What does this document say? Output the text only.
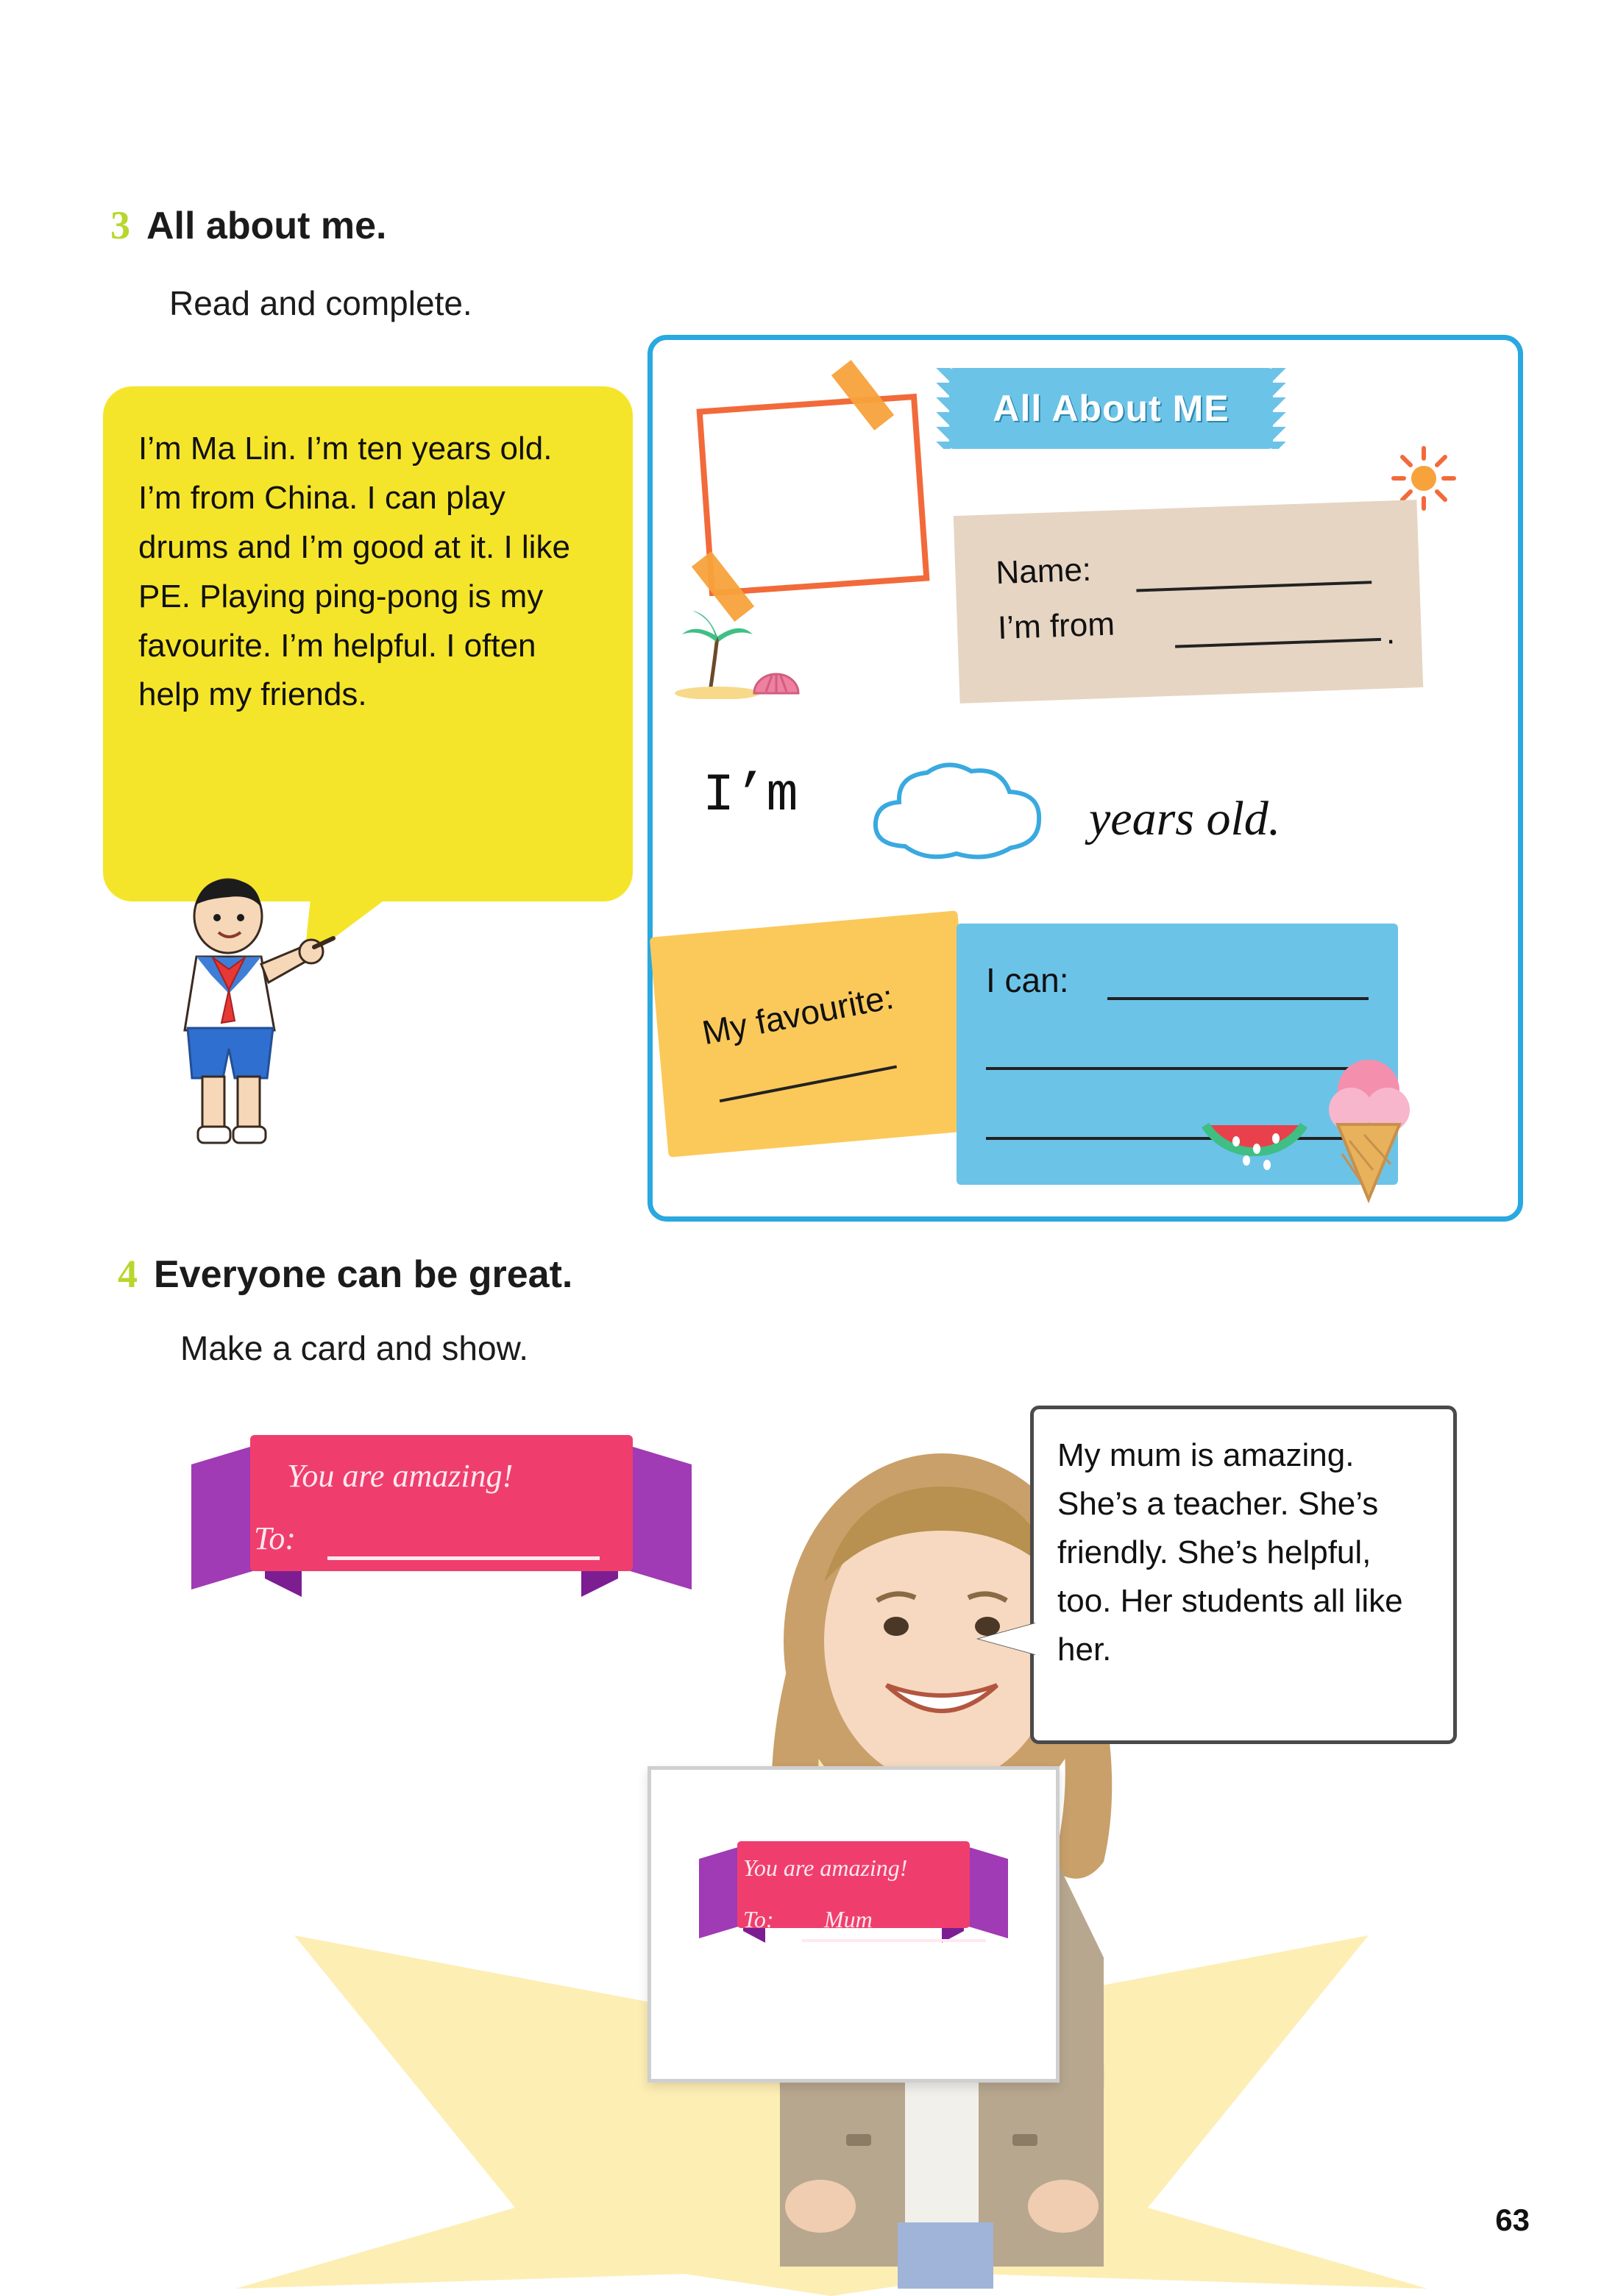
3 All about me.
Read and complete.
I’m Ma Lin. I’m ten years old. I’m from China. I can play drums and I’m good at it. I like PE. Playing ping-pong is my favourite. I’m helpful. I often help my friends.
All About ME
Name:
I’m from	.
I’m	years old.
My favourite:	I can:
4 Everyone can be great.
Make a card and show.
You are amazing!
To:
You are amazing!
To: Mum
My mum is amazing. She’s a teacher. She’s friendly. She’s helpful, too. Her students all like her.
63
